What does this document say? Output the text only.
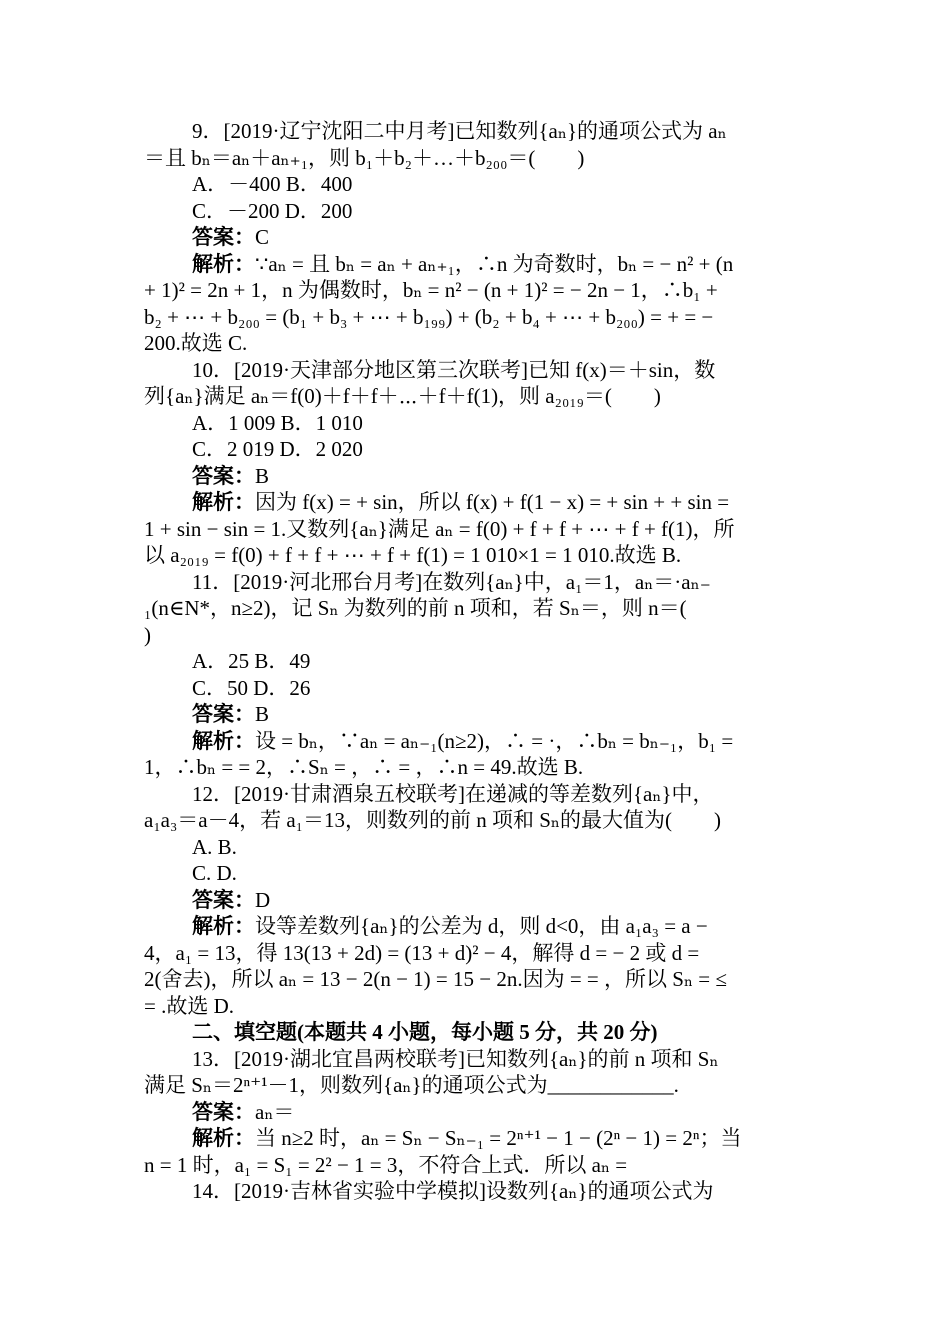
9．[2019·辽宁沈阳二中月考]已知数列{aₙ}的通项公式为 aₙ
＝且 bₙ＝aₙ＋aₙ₊₁，则 b₁＋b₂＋…＋b₂₀₀＝(　　)
A．－400 B．400
C．－200 D．200
答案：C
解析：∵aₙ = 且 bₙ = aₙ + aₙ₊₁，∴n 为奇数时，bₙ = − n² + (n
+ 1)² = 2n + 1，n 为偶数时，bₙ = n² − (n + 1)² = − 2n − 1，∴b₁ +
b₂ + ⋯ + b₂₀₀ = (b₁ + b₃ + ⋯ + b₁₉₉) + (b₂ + b₄ + ⋯ + b₂₀₀) = + = −
200.故选 C.
10．[2019·天津部分地区第三次联考]已知 f(x)＝＋sin，数
列{aₙ}满足 aₙ＝f(0)＋f＋f＋⋯＋f＋f(1)，则 a₂₀₁₉＝(　　)
A．1 009 B．1 010
C．2 019 D．2 020
答案：B
解析：因为 f(x) = + sin，所以 f(x) + f(1 − x) = + sin + + sin =
1 + sin − sin = 1.又数列{aₙ}满足 aₙ = f(0) + f + f + ⋯ + f + f(1)，所
以 a₂₀₁₉ = f(0) + f + f + ⋯ + f + f(1) = 1 010×1 = 1 010.故选 B.
11．[2019·河北邢台月考]在数列{aₙ}中，a₁＝1，aₙ＝·aₙ₋
₁(n∈N*，n≥2)，记 Sₙ 为数列的前 n 项和，若 Sₙ＝，则 n＝(
)
A．25 B．49
C．50 D．26
答案：B
解析：设 = bₙ，∵aₙ = aₙ₋₁(n≥2)，∴ = ·，∴bₙ = bₙ₋₁，b₁ =
1，∴bₙ = = 2，∴Sₙ = ，∴ = ，∴n = 49.故选 B.
12．[2019·甘肃酒泉五校联考]在递减的等差数列{aₙ}中，
a₁a₃＝a－4，若 a₁＝13，则数列的前 n 项和 Sₙ的最大值为(　　)
A. B.
C. D.
答案：D
解析：设等差数列{aₙ}的公差为 d，则 d<0，由 a₁a₃ = a −
4，a₁ = 13，得 13(13 + 2d) = (13 + d)² − 4，解得 d = − 2 或 d =
2(舍去)，所以 aₙ = 13 − 2(n − 1) = 15 − 2n.因为 = = ，所以 Sₙ = ≤
= .故选 D.
二、填空题(本题共 4 小题，每小题 5 分，共 20 分)
13．[2019·湖北宜昌两校联考]已知数列{aₙ}的前 n 项和 Sₙ
满足 Sₙ＝2ⁿ⁺¹－1，则数列{aₙ}的通项公式为____________.
答案：aₙ＝
解析：当 n≥2 时，aₙ = Sₙ − Sₙ₋₁ = 2ⁿ⁺¹ − 1 − (2ⁿ − 1) = 2ⁿ；当
n = 1 时，a₁ = S₁ = 2² − 1 = 3，不符合上式．所以 aₙ =
14．[2019·吉林省实验中学模拟]设数列{aₙ}的通项公式为
